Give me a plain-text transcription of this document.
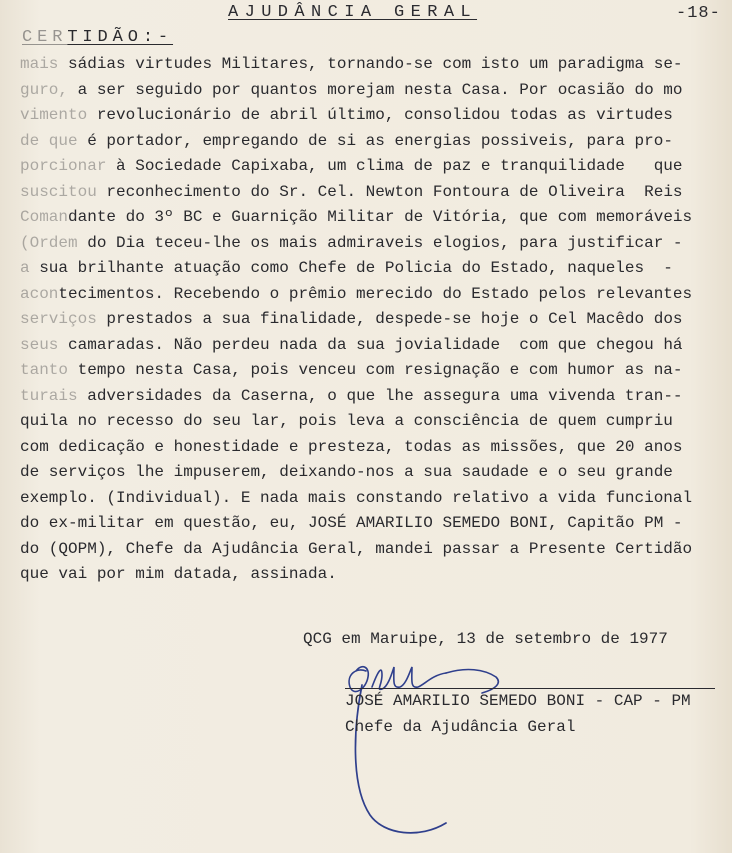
AJUDÂNCIA GERAL	-18-
CERTIDÃO:-
mais sádias virtudes Militares, tornando-se com isto um paradigma se-
guro, a ser seguido por quantos morejam nesta Casa. Por ocasião do mo
vimento revolucionário de abril último, consolidou todas as virtudes
de que é portador, empregando de si as energias possiveis, para pro-
porcionar à Sociedade Capixaba, um clima de paz e tranquilidade   que
suscitou reconhecimento do Sr. Cel. Newton Fontoura de Oliveira  Reis
Comandante do 3º BC e Guarnição Militar de Vitória, que com memoráveis
(Ordem do Dia teceu-lhe os mais admiraveis elogios, para justificar -
a sua brilhante atuação como Chefe de Policia do Estado, naqueles  -
acontecimentos. Recebendo o prêmio merecido do Estado pelos relevantes
serviços prestados a sua finalidade, despede-se hoje o Cel Macêdo dos
seus camaradas. Não perdeu nada da sua jovialidade  com que chegou há
tanto tempo nesta Casa, pois venceu com resignação e com humor as na-
turais adversidades da Caserna, o que lhe assegura uma vivenda tran--
quila no recesso do seu lar, pois leva a consciência de quem cumpriu
com dedicação e honestidade e presteza, todas as missões, que 20 anos
de serviços lhe impuserem, deixando-nos a sua saudade e o seu grande
exemplo. (Individual). E nada mais constando relativo a vida funcional
do ex-militar em questão, eu, JOSÉ AMARILIO SEMEDO BONI, Capitão PM -
do (QOPM), Chefe da Ajudância Geral, mandei passar a Presente Certidão
que vai por mim datada, assinada.
QCG em Maruipe, 13 de setembro de 1977
JOSÉ AMARILIO SEMEDO BONI - CAP - PM
Chefe da Ajudância Geral
